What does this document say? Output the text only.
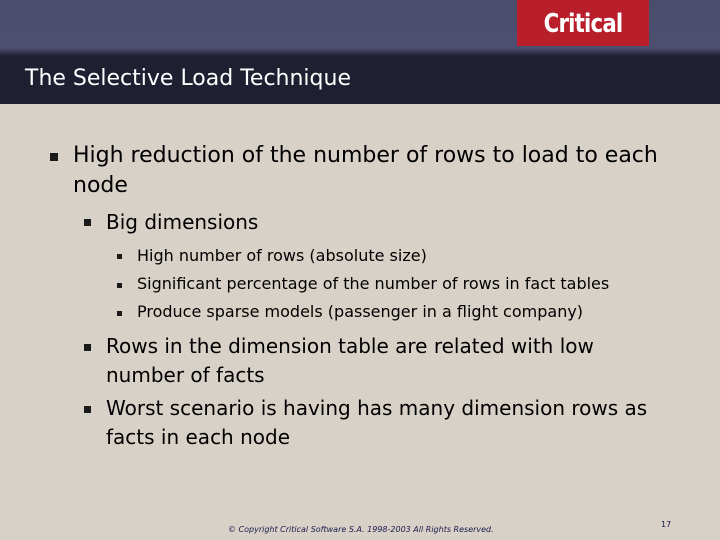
Critical
The Selective Load Technique

High reduction of the number of rows to load to each node

Big dimensions

High number of rows (absolute size)

Significant percentage of the number of rows in fact tables

Produce sparse models (passenger in a flight company)

Rows in the dimension table are related with low number of facts

Worst scenario is having has many dimension rows as facts in each node

© Copyright Critical Software S.A. 1998-2003 All Rights Reserved.
17
